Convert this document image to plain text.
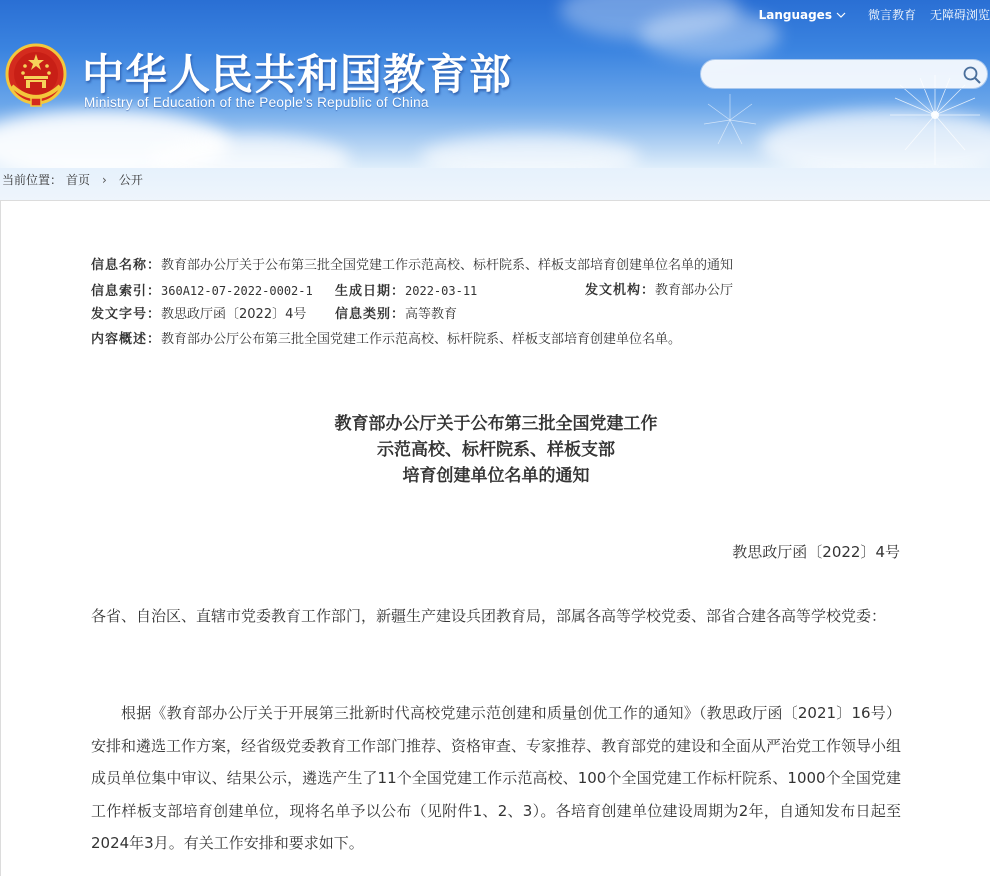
Languages	微言教育 无障碍浏览
中华人民共和国教育部
Ministry of Education of the People's Republic of China
当前位置： 首页 › 公开
信息名称：教育部办公厅关于公布第三批全国党建工作示范高校、标杆院系、样板支部培育创建单位名单的通知
信息索引：360A12-07-2022-0002-1 生成日期：2022-03-11	发文机构：教育部办公厅
发文字号：教思政厅函〔2022〕4号 信息类别：高等教育
内容概述：教育部办公厅公布第三批全国党建工作示范高校、标杆院系、样板支部培育创建单位名单。
教育部办公厅关于公布第三批全国党建工作
示范高校、标杆院系、样板支部
培育创建单位名单的通知
教思政厅函〔2022〕4号
各省、自治区、直辖市党委教育工作部门，新疆生产建设兵团教育局，部属各高等学校党委、部省合建各高等学校党委：
根据《教育部办公厅关于开展第三批新时代高校党建示范创建和质量创优工作的通知》（教思政厅函〔2021〕16号）安排和遴选工作方案，经省级党委教育工作部门推荐、资格审查、专家推荐、教育部党的建设和全面从严治党工作领导小组成员单位集中审议、结果公示，遴选产生了11个全国党建工作示范高校、100个全国党建工作标杆院系、1000个全国党建工作样板支部培育创建单位，现将名单予以公布（见附件1、2、3）。各培育创建单位建设周期为2年，自通知发布日起至2024年3月。有关工作安排和要求如下。
